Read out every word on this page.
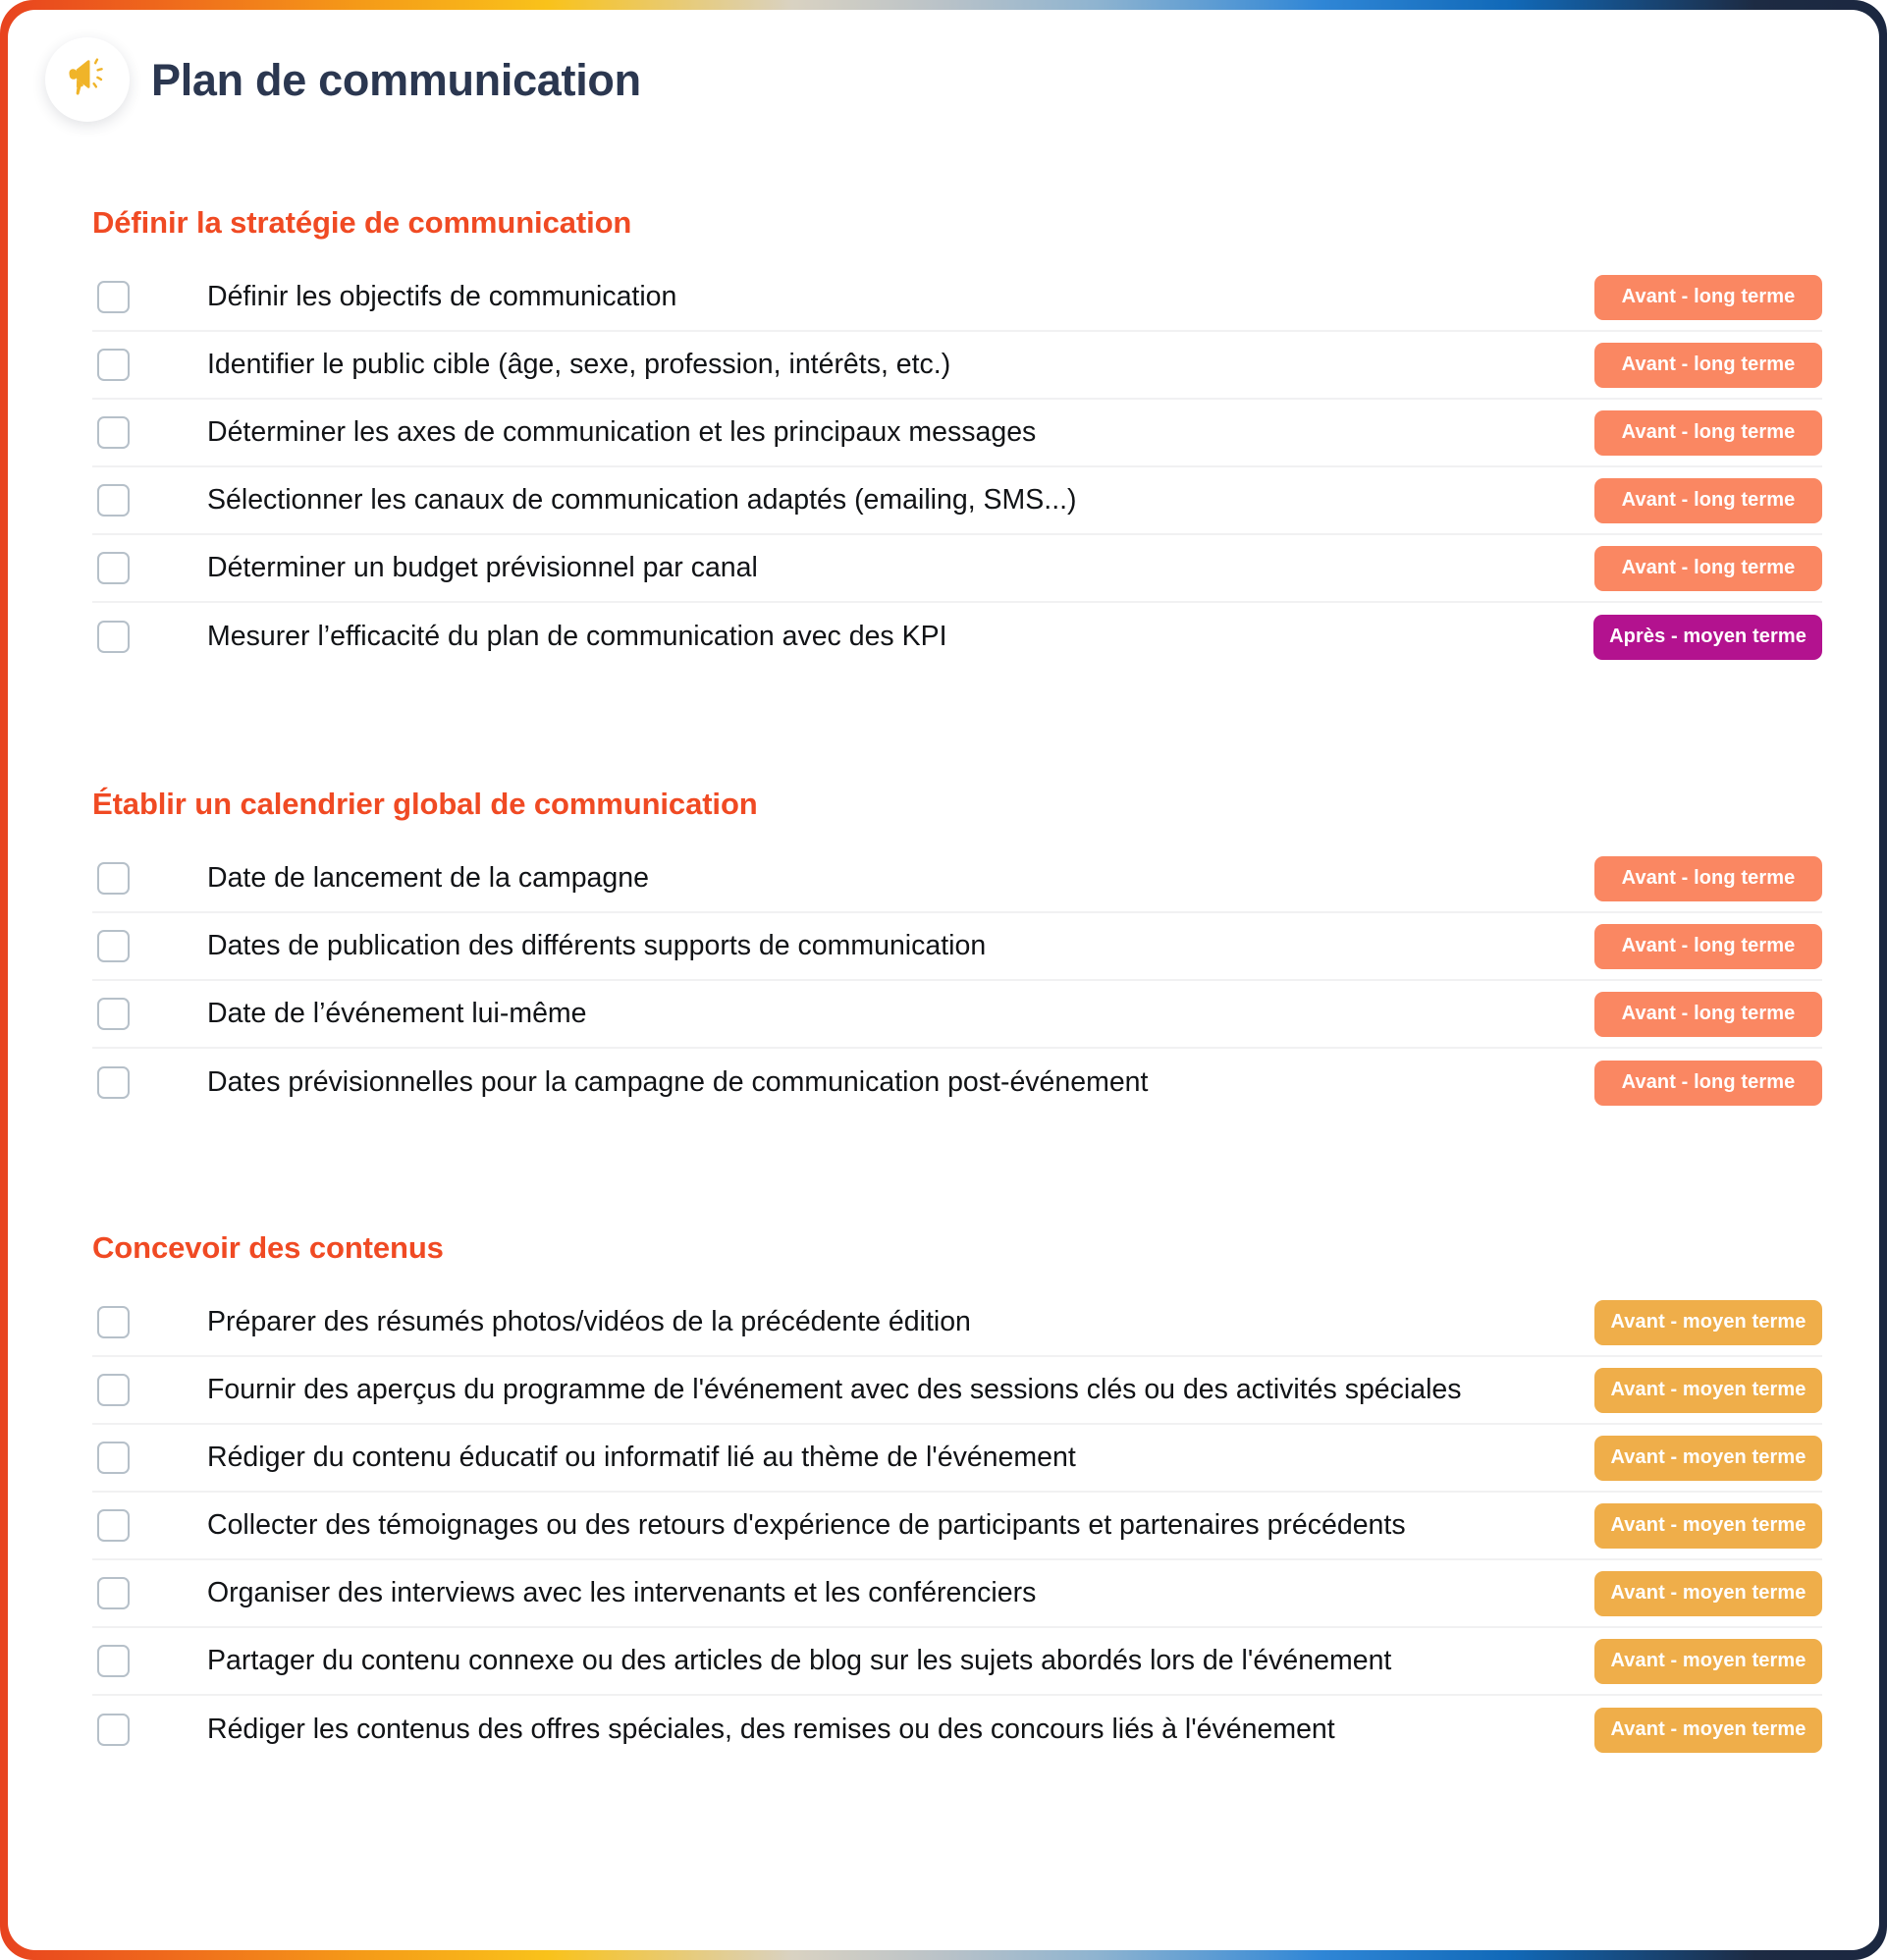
Plan de communication
Définir la stratégie de communication
Définir les objectifs de communication	Avant - long terme
Identifier le public cible (âge, sexe, profession, intérêts, etc.)	Avant - long terme
Déterminer les axes de communication et les principaux messages	Avant - long terme
Sélectionner les canaux de communication adaptés (emailing, SMS...)	Avant - long terme
Déterminer un budget prévisionnel par canal	Avant - long terme
Mesurer l’efficacité du plan de communication avec des KPI	Après - moyen terme
Établir un calendrier global de communication
Date de lancement de la campagne	Avant - long terme
Dates de publication des différents supports de communication	Avant - long terme
Date de l’événement lui-même	Avant - long terme
Dates prévisionnelles pour la campagne de communication post-événement	Avant - long terme
Concevoir des contenus
Préparer des résumés photos/vidéos de la précédente édition	Avant - moyen terme
Fournir des aperçus du programme de l'événement avec des sessions clés ou des activités spéciales	Avant - moyen terme
Rédiger du contenu éducatif ou informatif lié au thème de l'événement	Avant - moyen terme
Collecter des témoignages ou des retours d'expérience de participants et partenaires précédents	Avant - moyen terme
Organiser des interviews avec les intervenants et les conférenciers	Avant - moyen terme
Partager du contenu connexe ou des articles de blog sur les sujets abordés lors de l'événement	Avant - moyen terme
Rédiger les contenus des offres spéciales, des remises ou des concours liés à l'événement	Avant - moyen terme
